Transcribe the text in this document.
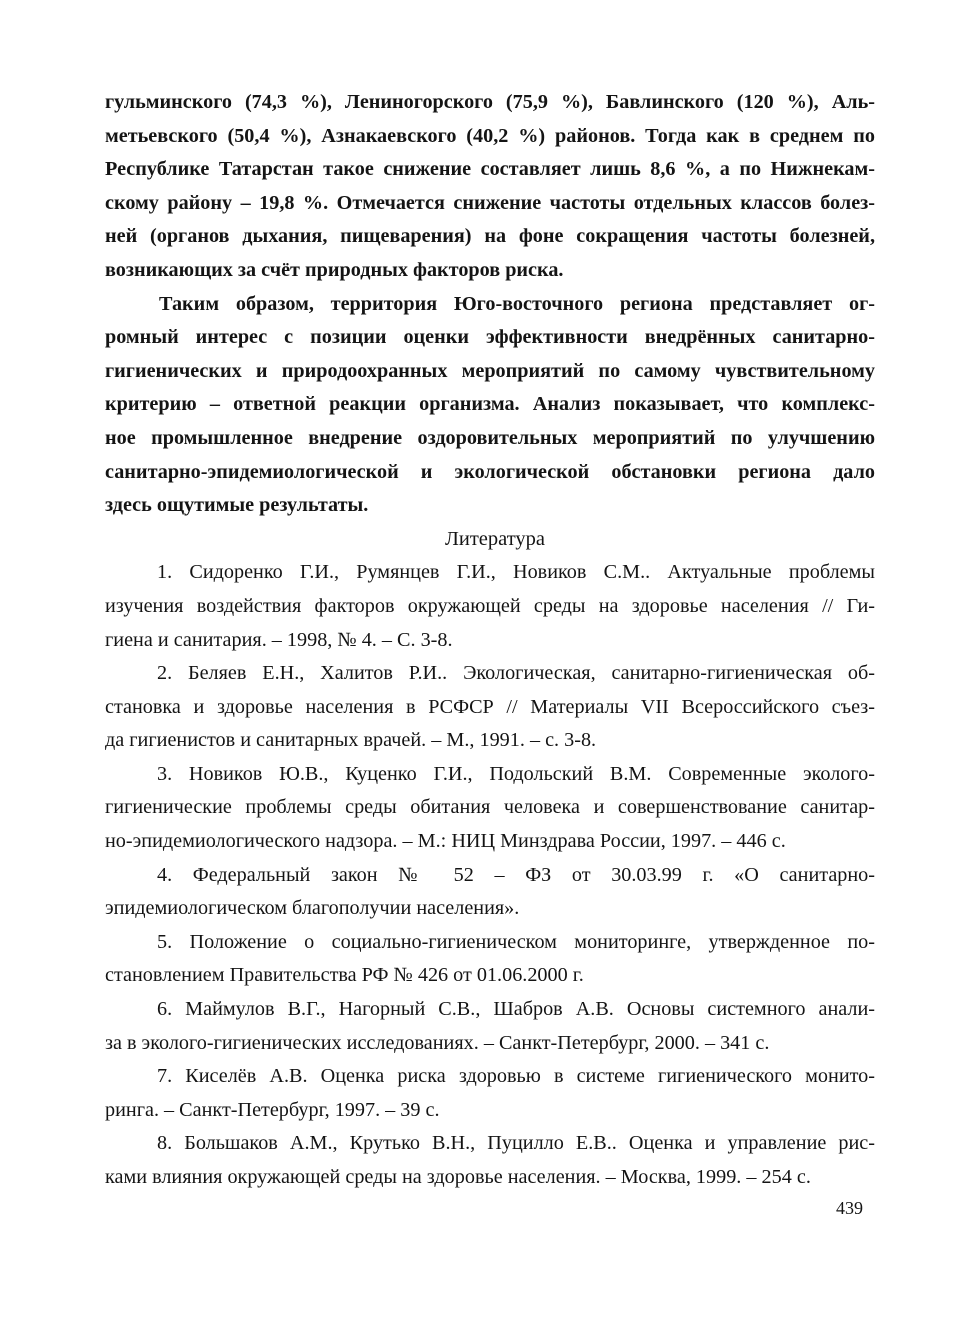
гульминского (74,3 %), Лениногорского (75,9 %), Бавлинского (120 %), Аль-
метьевского (50,4 %), Азнакаевского (40,2 %) районов. Тогда как в среднем по
Республике Татарстан такое снижение составляет лишь 8,6 %, а по Нижнекам-
скому району – 19,8 %. Отмечается снижение частоты отдельных классов болез-
ней (органов дыхания, пищеварения) на фоне сокращения частоты болезней,
возникающих за счёт природных факторов риска.

Таким образом, территория Юго-восточного региона представляет ог-
ромный интерес с позиции оценки эффективности внедрённых санитарно-
гигиенических и природоохранных мероприятий по самому чувствительному
критерию – ответной реакции организма. Анализ показывает, что комплекс-
ное промышленное внедрение оздоровительных мероприятий по улучшению
санитарно-эпидемиологической и экологической обстановки региона дало
здесь ощутимые результаты.

Литература

1. Сидоренко Г.И., Румянцев Г.И., Новиков С.М.. Актуальные проблемы
изучения воздействия факторов окружающей среды на здоровье населения // Ги-
гиена и санитария. – 1998, № 4. – С. 3-8.

2. Беляев Е.Н., Халитов Р.И.. Экологическая, санитарно-гигиеническая об-
становка и здоровье населения в РСФСР // Материалы VII Всероссийского съез-
да гигиенистов и санитарных врачей. – М., 1991. – с. 3-8.

3. Новиков Ю.В., Куценко Г.И., Подольский В.М. Современные эколого-
гигиенические проблемы среды обитания человека и совершенствование санитар-
но-эпидемиологического надзора. – М.: НИЦ Минздрава России, 1997. – 446 с.

4. Федеральный закон № 52 – ФЗ от 30.03.99 г. «О санитарно-
эпидемиологическом благополучии населения».

5. Положение о социально-гигиеническом мониторинге, утвержденное по-
становлением Правительства РФ № 426 от 01.06.2000 г.

6. Маймулов В.Г., Нагорный С.В., Шабров А.В. Основы системного анали-
за в эколого-гигиенических исследованиях. – Санкт-Петербург, 2000. – 341 с.

7. Киселёв А.В. Оценка риска здоровью в системе гигиенического монито-
ринга. – Санкт-Петербург, 1997. – 39 с.

8. Большаков А.М., Крутько В.Н., Пуцилло Е.В.. Оценка и управление рис-
ками влияния окружающей среды на здоровье населения. – Москва, 1999. – 254 с.

439
